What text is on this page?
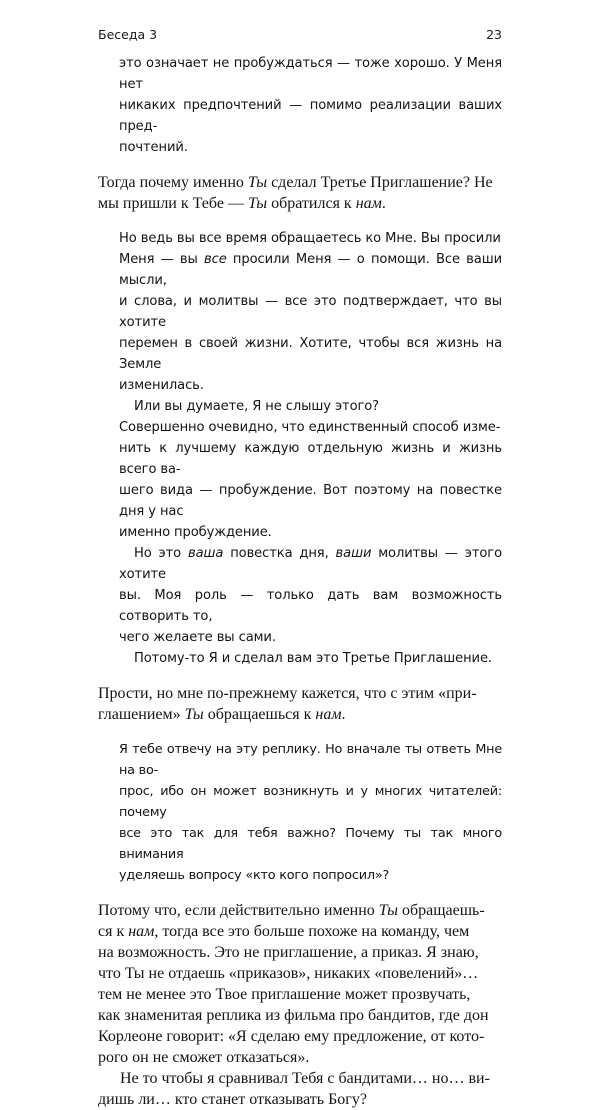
Беседа 3	23

это означает не пробуждаться — тоже хорошо. У Меня нет
никаких предпочтений — помимо реализации ваших пред-
почтений.

Тогда почему именно Ты сделал Третье Приглашение? Не
мы пришли к Тебе — Ты обратился к нам.

Но ведь вы все время обращаетесь ко Мне. Вы просили
Меня — вы все просили Меня — о помощи. Все ваши мысли,
и слова, и молитвы — все это подтверждает, что вы хотите
перемен в своей жизни. Хотите, чтобы вся жизнь на Земле
изменилась.

Или вы думаете, Я не слышу этого?

Совершенно очевидно, что единственный способ изме-
нить к лучшему каждую отдельную жизнь и жизнь всего ва-
шего вида — пробуждение. Вот поэтому на повестке дня у нас
именно пробуждение.

Но это ваша повестка дня, ваши молитвы — этого хотите
вы. Моя роль — только дать вам возможность сотворить то,
чего желаете вы сами.

Потому-то Я и сделал вам это Третье Приглашение.

Прости, но мне по-прежнему кажется, что с этим «при-
глашением» Ты обращаешься к нам.

Я тебе отвечу на эту реплику. Но вначале ты ответь Мне на во-
прос, ибо он может возникнуть и у многих читателей: почему
все это так для тебя важно? Почему ты так много внимания
уделяешь вопросу «кто кого попросил»?

Потому что, если действительно именно Ты обращаешь-
ся к нам, тогда все это больше похоже на команду, чем
на возможность. Это не приглашение, а приказ. Я знаю,
что Ты не отдаешь «приказов», никаких «повелений»…
тем не менее это Твое приглашение может прозвучать,
как знаменитая реплика из фильма про бандитов, где дон
Корлеоне говорит: «Я сделаю ему предложение, от кото-
рого он не сможет отказаться».

Не то чтобы я сравнивал Тебя с бандитами… но… ви-
дишь ли… кто станет отказывать Богу?
